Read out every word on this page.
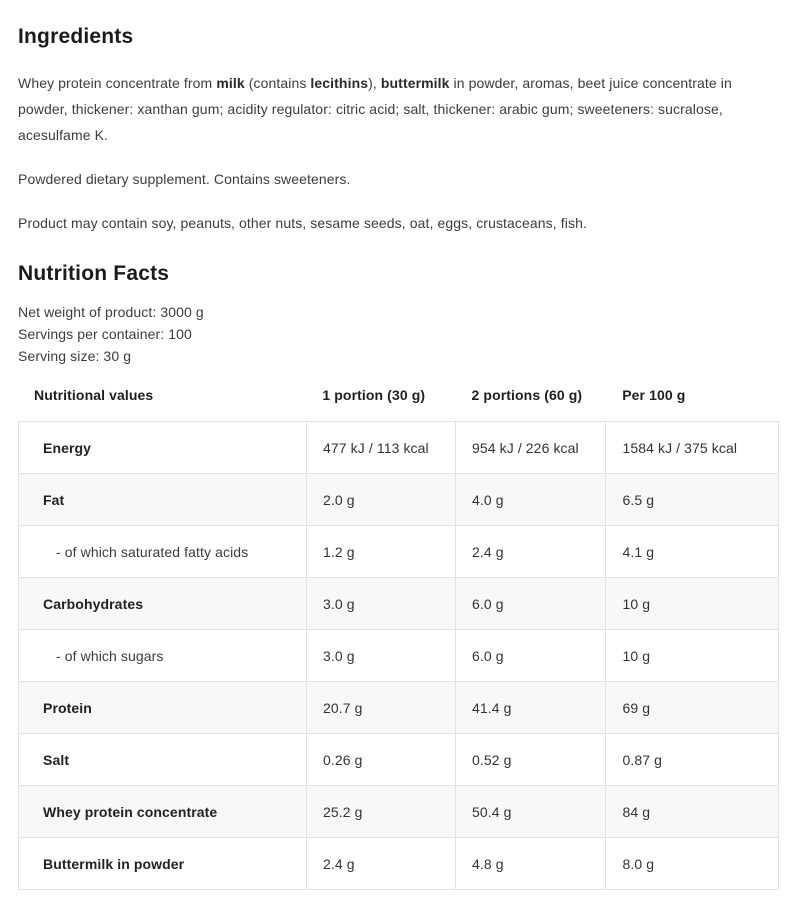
Ingredients

Whey protein concentrate from milk (contains lecithins), buttermilk in powder, aromas, beet juice concentrate in powder, thickener: xanthan gum; acidity regulator: citric acid; salt, thickener: arabic gum; sweeteners: sucralose, acesulfame K.

Powdered dietary supplement. Contains sweeteners.

Product may contain soy, peanuts, other nuts, sesame seeds, oat, eggs, crustaceans, fish.

Nutrition Facts
Net weight of product: 3000 g
Servings per container: 100
Serving size: 30 g
Nutritional values	1 portion (30 g)	2 portions (60 g)	Per 100 g
Energy	477 kJ / 113 kcal	954 kJ / 226 kcal	1584 kJ / 375 kcal
Fat	2.0 g	4.0 g	6.5 g
- of which saturated fatty acids	1.2 g	2.4 g	4.1 g
Carbohydrates	3.0 g	6.0 g	10 g
- of which sugars	3.0 g	6.0 g	10 g
Protein	20.7 g	41.4 g	69 g
Salt	0.26 g	0.52 g	0.87 g
Whey protein concentrate	25.2 g	50.4 g	84 g
Buttermilk in powder	2.4 g	4.8 g	8.0 g
